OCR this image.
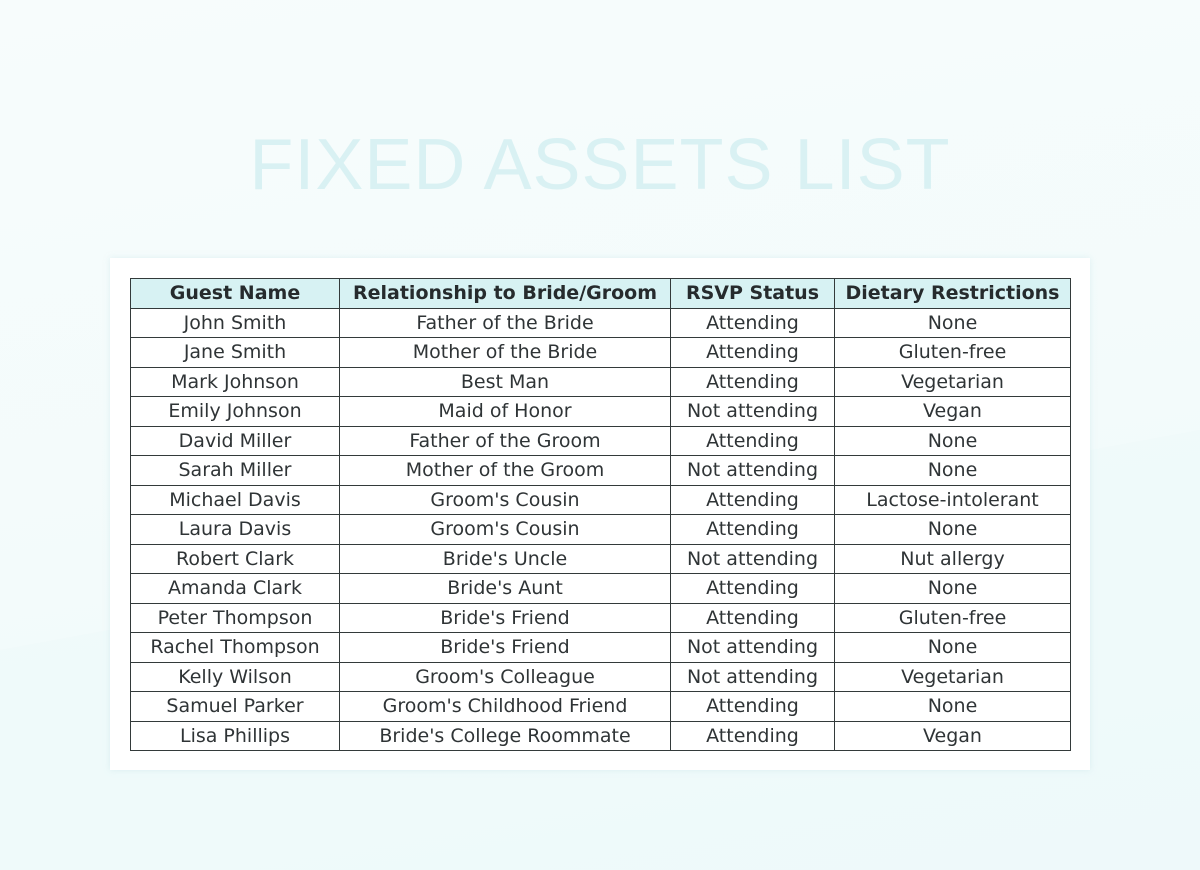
FIXED ASSETS LIST
Guest Name	Relationship to Bride/Groom	RSVP Status	Dietary Restrictions
John Smith	Father of the Bride	Attending	None
Jane Smith	Mother of the Bride	Attending	Gluten-free
Mark Johnson	Best Man	Attending	Vegetarian
Emily Johnson	Maid of Honor	Not attending	Vegan
David Miller	Father of the Groom	Attending	None
Sarah Miller	Mother of the Groom	Not attending	None
Michael Davis	Groom's Cousin	Attending	Lactose-intolerant
Laura Davis	Groom's Cousin	Attending	None
Robert Clark	Bride's Uncle	Not attending	Nut allergy
Amanda Clark	Bride's Aunt	Attending	None
Peter Thompson	Bride's Friend	Attending	Gluten-free
Rachel Thompson	Bride's Friend	Not attending	None
Kelly Wilson	Groom's Colleague	Not attending	Vegetarian
Samuel Parker	Groom's Childhood Friend	Attending	None
Lisa Phillips	Bride's College Roommate	Attending	Vegan
